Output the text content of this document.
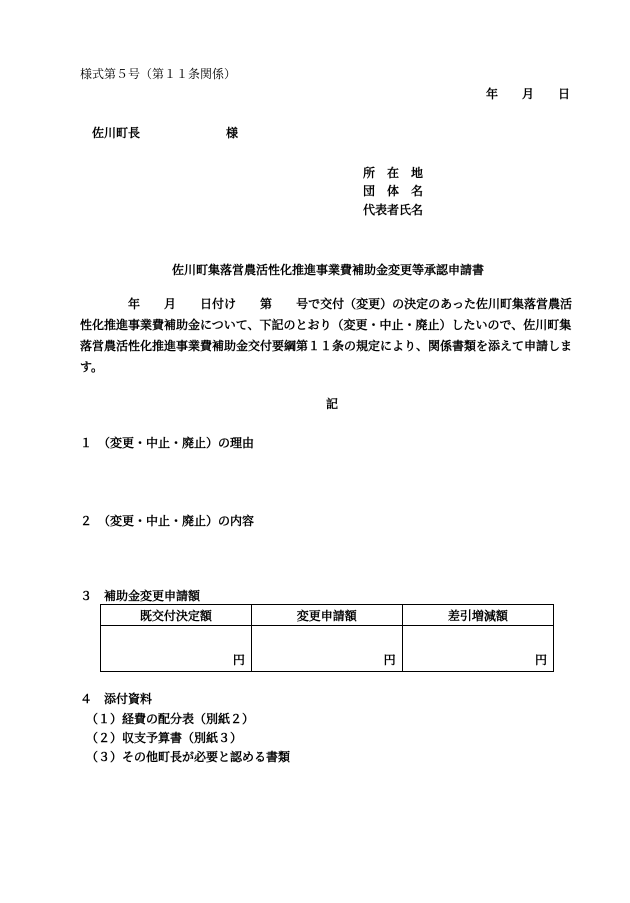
様式第５号（第１１条関係）
年 月 日
佐川町長	様
所　在　地
団　体　名
代表者氏名
佐川町集落営農活性化推進事業費補助金変更等承認申請書
年 月 日付け 第 号で交付（変更）の決定のあった佐川町集落営農活
性化推進事業費補助金について、下記のとおり（変更・中止・廃止）したいので、佐川町集
落営農活性化推進事業費補助金交付要綱第１１条の規定により、関係書類を添えて申請しま
す。
記
１　（変更・中止・廃止）の理由
２　（変更・中止・廃止）の内容
３　補助金変更申請額
既交付決定額	変更申請額	差引増減額
円	円	円
４　添付資料
（１）経費の配分表（別紙２）
（２）収支予算書（別紙３）
（３）その他町長が必要と認める書類
